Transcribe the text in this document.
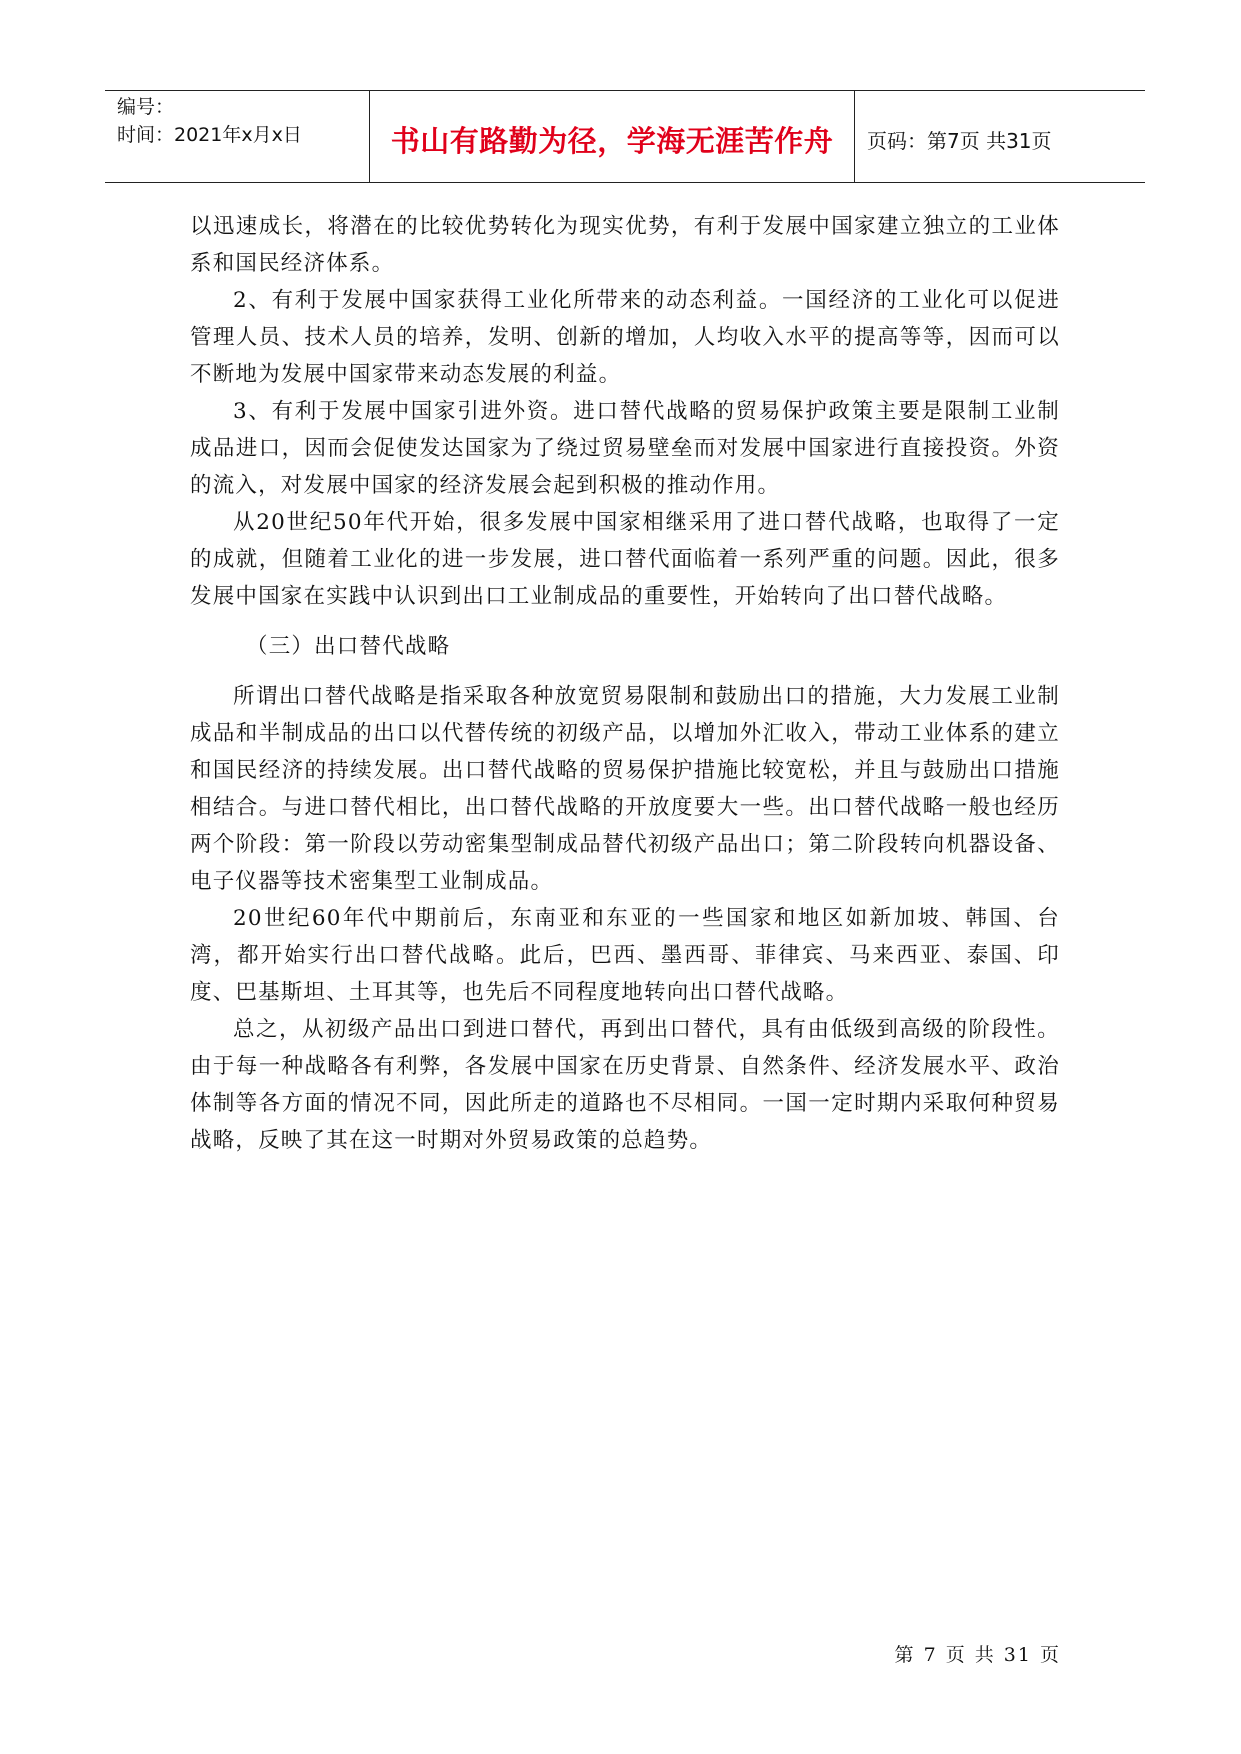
编号：
时间：2021年x月x日	书山有路勤为径，学海无涯苦作舟	页码：第7页 共31页

以迅速成长，将潜在的比较优势转化为现实优势，有利于发展中国家建立独立的工业体系和国民经济体系。

2、有利于发展中国家获得工业化所带来的动态利益。一国经济的工业化可以促进管理人员、技术人员的培养，发明、创新的增加，人均收入水平的提高等等，因而可以不断地为发展中国家带来动态发展的利益。

3、有利于发展中国家引进外资。进口替代战略的贸易保护政策主要是限制工业制成品进口，因而会促使发达国家为了绕过贸易壁垒而对发展中国家进行直接投资。外资的流入，对发展中国家的经济发展会起到积极的推动作用。

从20世纪50年代开始，很多发展中国家相继采用了进口替代战略，也取得了一定的成就，但随着工业化的进一步发展，进口替代面临着一系列严重的问题。因此，很多发展中国家在实践中认识到出口工业制成品的重要性，开始转向了出口替代战略。

（三）出口替代战略

所谓出口替代战略是指采取各种放宽贸易限制和鼓励出口的措施，大力发展工业制成品和半制成品的出口以代替传统的初级产品，以增加外汇收入，带动工业体系的建立和国民经济的持续发展。出口替代战略的贸易保护措施比较宽松，并且与鼓励出口措施相结合。与进口替代相比，出口替代战略的开放度要大一些。出口替代战略一般也经历两个阶段：第一阶段以劳动密集型制成品替代初级产品出口；第二阶段转向机器设备、电子仪器等技术密集型工业制成品。

20世纪60年代中期前后，东南亚和东亚的一些国家和地区如新加坡、韩国、台湾，都开始实行出口替代战略。此后，巴西、墨西哥、菲律宾、马来西亚、泰国、印度、巴基斯坦、土耳其等，也先后不同程度地转向出口替代战略。

总之，从初级产品出口到进口替代，再到出口替代，具有由低级到高级的阶段性。由于每一种战略各有利弊，各发展中国家在历史背景、自然条件、经济发展水平、政治体制等各方面的情况不同，因此所走的道路也不尽相同。一国一定时期内采取何种贸易战略，反映了其在这一时期对外贸易政策的总趋势。

第 7 页 共 31 页
